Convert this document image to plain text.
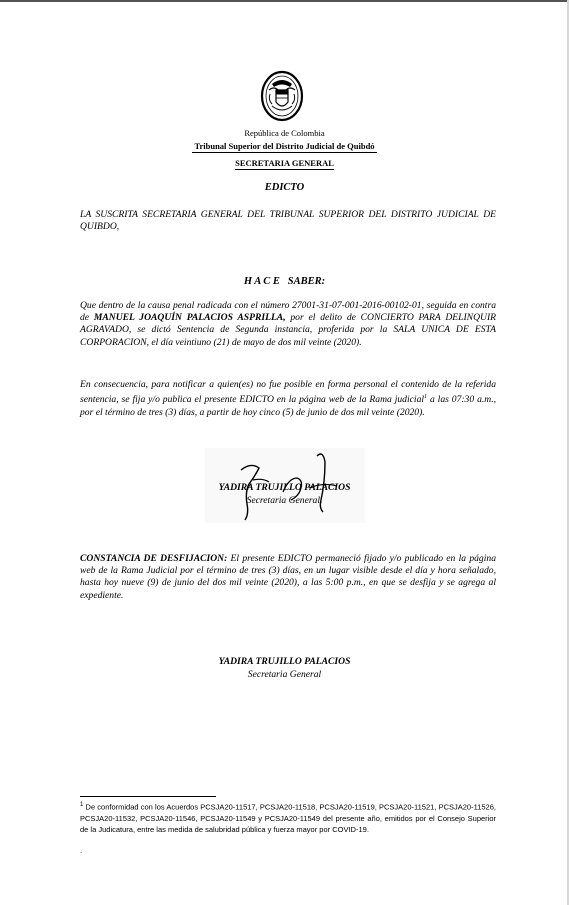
República de Colombia
Tribunal Superior del Distrito Judicial de Quibdó
SECRETARIA GENERAL
EDICTO

LA SUSCRITA SECRETARIA GENERAL DEL TRIBUNAL SUPERIOR DEL DISTRITO JUDICIAL DE QUIBDO,

H A C E   SABER:

Que dentro de la causa penal radicada con el número 27001-31-07-001-2016-00102-01, seguida en contra de MANUEL JOAQUÍN PALACIOS ASPRILLA, por el delito de CONCIERTO PARA DELINQUIR AGRAVADO, se dictó Sentencia de Segunda instancia, proferida por la SALA UNICA DE ESTA CORPORACION, el día veintiuno (21) de mayo de dos mil veinte (2020).

En consecuencia, para notificar a quien(es) no fue posible en forma personal el contenido de la referida sentencia, se fija y/o publica el presente EDICTO en la página web de la Rama judicial$^1$ a las 07:30 a.m., por el término de tres (3) días, a partir de hoy cinco (5) de junio de dos mil veinte (2020).

YADIRA TRUJILLO PALACIOS
Secretaria General.

CONSTANCIA DE DESFIJACION: El presente EDICTO permaneció fijado y/o publicado en la página web de la Rama Judicial por el término de tres (3) días, en un lugar visible desde el día y hora señalado, hasta hoy nueve (9) de junio del dos mil veinte (2020), a las 5:00 p.m., en que se desfija y se agrega al expediente.

YADIRA TRUJILLO PALACIOS
Secretaria General

$^1$ De conformidad con los Acuerdos PCSJA20-11517, PCSJA20-11518, PCSJA20-11519, PCSJA20-11521, PCSJA20-11526, PCSJA20-11532, PCSJA20-11546, PCSJA20-11549 y PCSJA20-11549 del presente año, emitidos por el Consejo Superior de la Judicatura, entre las medida de salubridad pública y fuerza mayor por COVID-19.

.
